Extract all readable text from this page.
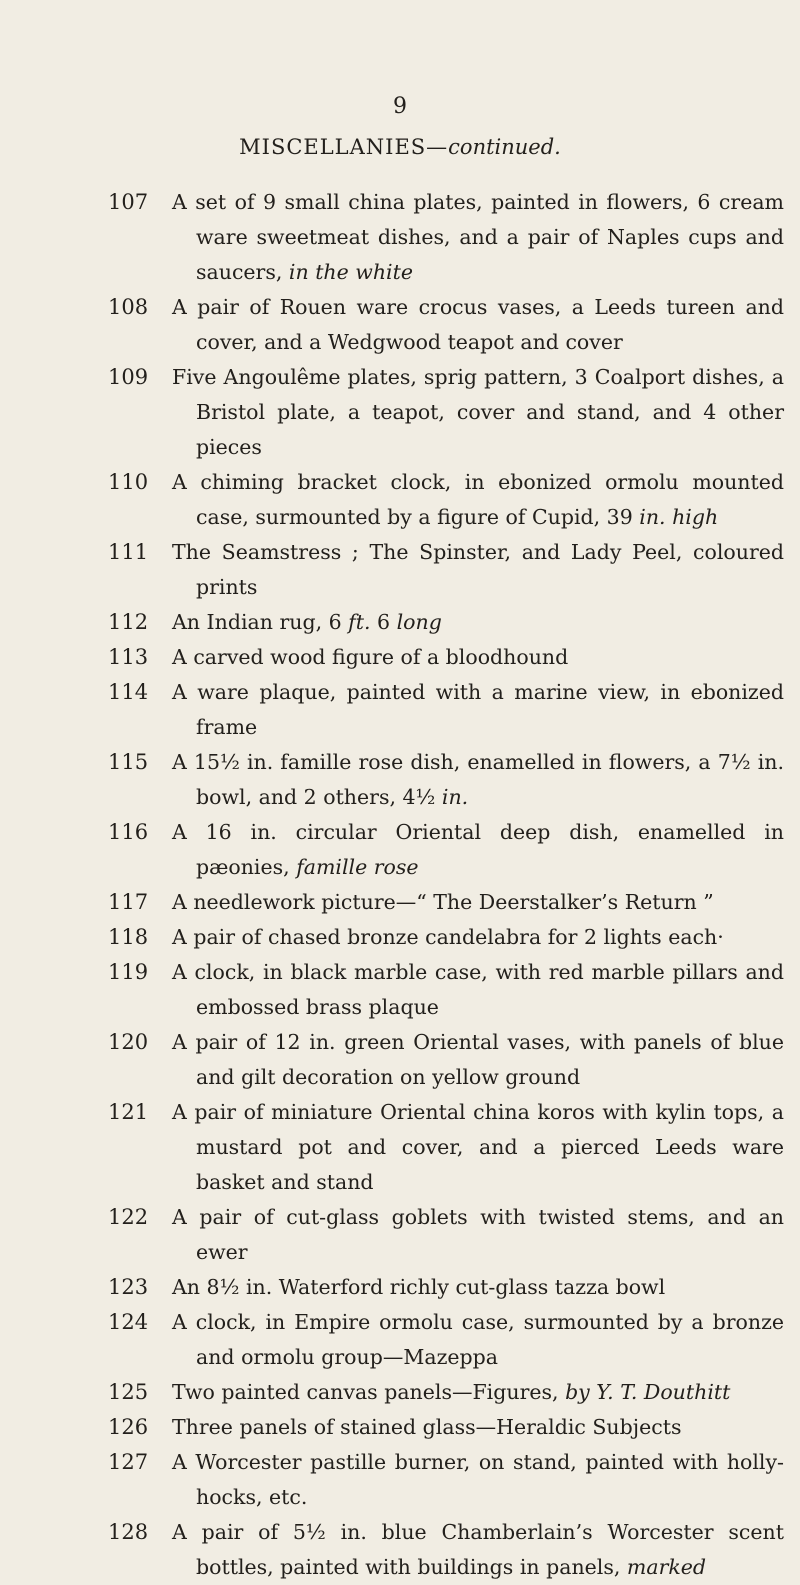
9
MISCELLANIES—continued.
107 A set of 9 small china plates, painted in flowers, 6 cream ware sweetmeat dishes, and a pair of Naples cups and saucers, in the white
108 A pair of Rouen ware crocus vases, a Leeds tureen and cover, and a Wedgwood teapot and cover
109 Five Angoulême plates, sprig pattern, 3 Coalport dishes, a Bristol plate, a teapot, cover and stand, and 4 other pieces
110 A chiming bracket clock, in ebonized ormolu mounted case, surmounted by a figure of Cupid, 39 in. high
111 The Seamstress ; The Spinster, and Lady Peel, coloured prints
112 An Indian rug, 6 ft. 6 long
113 A carved wood figure of a bloodhound
114 A ware plaque, painted with a marine view, in ebonized frame
115 A 15½ in. famille rose dish, enamelled in flowers, a 7½ in. bowl, and 2 others, 4½ in.
116 A 16 in. circular Oriental deep dish, enamelled in pæonies, famille rose
117 A needlework picture—“ The Deerstalker’s Return ”
118 A pair of chased bronze candelabra for 2 lights each·
119 A clock, in black marble case, with red marble pillars and embossed brass plaque
120 A pair of 12 in. green Oriental vases, with panels of blue and gilt decoration on yellow ground
121 A pair of miniature Oriental china koros with kylin tops, a mustard pot and cover, and a pierced Leeds ware basket and stand
122 A pair of cut-glass goblets with twisted stems, and an ewer
123 An 8½ in. Waterford richly cut-glass tazza bowl
124 A clock, in Empire ormolu case, surmounted by a bronze and ormolu group—Mazeppa
125 Two painted canvas panels—Figures, by Y. T. Douthitt
126 Three panels of stained glass—Heraldic Subjects
127 A Worcester pastille burner, on stand, painted with holly-hocks, etc.
128 A pair of 5½ in. blue Chamberlain’s Worcester scent bottles, painted with buildings in panels, marked
